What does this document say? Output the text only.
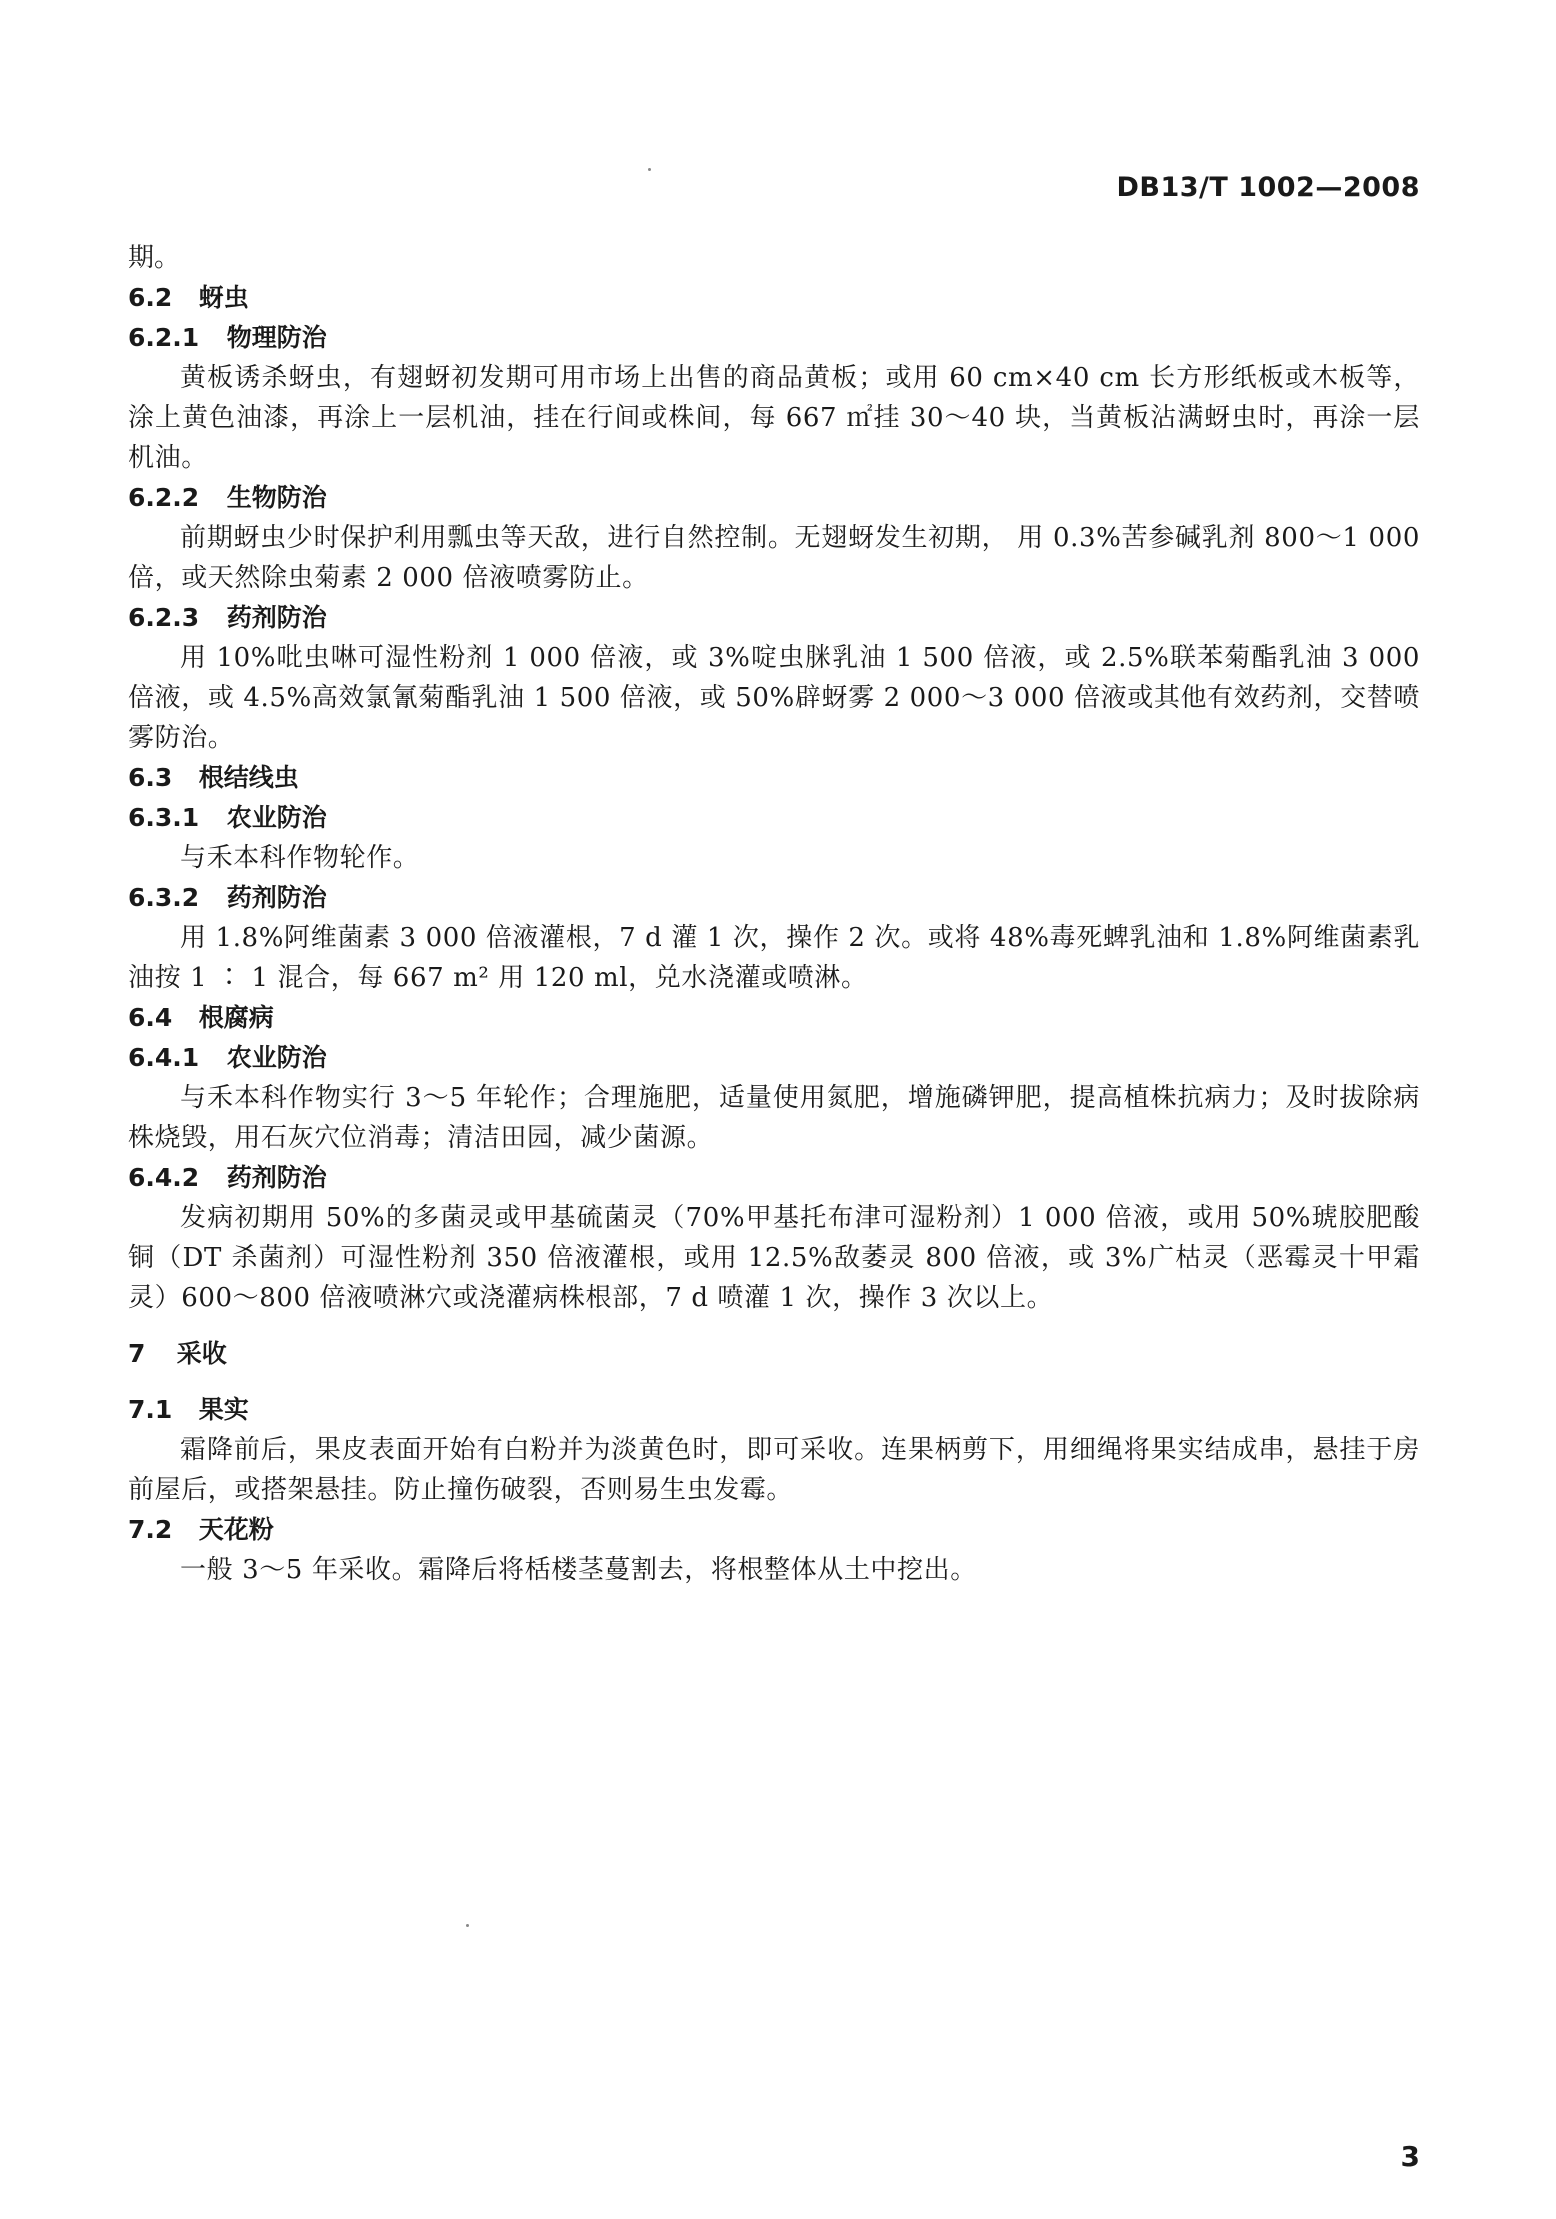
DB13/T 1002—2008
期。
6.2 蚜虫
6.2.1 物理防治

黄板诱杀蚜虫，有翅蚜初发期可用市场上出售的商品黄板；或用 60 cm×40 cm 长方形纸板或木板等，涂上黄色油漆，再涂上一层机油，挂在行间或株间，每 667 ㎡挂 30～40 块，当黄板沾满蚜虫时，再涂一层机油。

6.2.2 生物防治

前期蚜虫少时保护利用瓢虫等天敌，进行自然控制。无翅蚜发生初期， 用 0.3%苦参碱乳剂 800～1 000 倍，或天然除虫菊素 2 000 倍液喷雾防止。

6.2.3 药剂防治

用 10%吡虫啉可湿性粉剂 1 000 倍液，或 3%啶虫脒乳油 1 500 倍液，或 2.5%联苯菊酯乳油 3 000 倍液，或 4.5%高效氯氰菊酯乳油 1 500 倍液，或 50%辟蚜雾 2 000～3 000 倍液或其他有效药剂，交替喷雾防治。

6.3 根结线虫
6.3.1 农业防治

与禾本科作物轮作。

6.3.2 药剂防治

用 1.8%阿维菌素 3 000 倍液灌根，7 d 灌 1 次，操作 2 次。或将 48%毒死蜱乳油和 1.8%阿维菌素乳油按 1 ∶ 1 混合，每 667 m² 用 120 ml，兑水浇灌或喷淋。

6.4 根腐病
6.4.1 农业防治

与禾本科作物实行 3～5 年轮作；合理施肥，适量使用氮肥，增施磷钾肥，提高植株抗病力；及时拔除病株烧毁，用石灰穴位消毒；清洁田园，减少菌源。

6.4.2 药剂防治

发病初期用 50%的多菌灵或甲基硫菌灵（70%甲基托布津可湿粉剂）1 000 倍液，或用 50%琥胶肥酸铜（DT 杀菌剂）可湿性粉剂 350 倍液灌根，或用 12.5%敌萎灵 800 倍液，或 3%广枯灵（恶霉灵十甲霜灵）600～800 倍液喷淋穴或浇灌病株根部，7 d 喷灌 1 次，操作 3 次以上。

7 采收
7.1 果实

霜降前后，果皮表面开始有白粉并为淡黄色时，即可采收。连果柄剪下，用细绳将果实结成串，悬挂于房前屋后，或搭架悬挂。防止撞伤破裂，否则易生虫发霉。

7.2 天花粉

一般 3～5 年采收。霜降后将栝楼茎蔓割去，将根整体从土中挖出。

3
